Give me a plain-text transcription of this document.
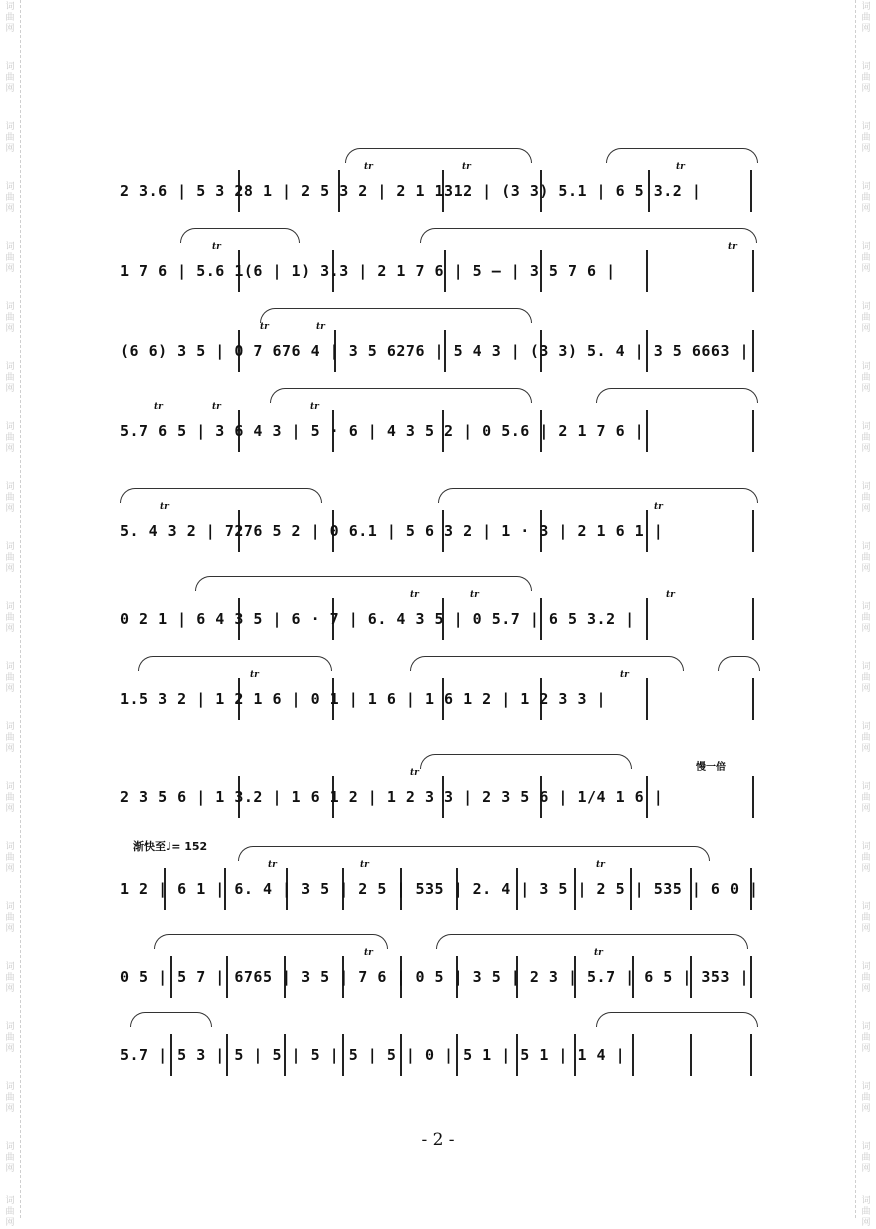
词
曲
网
词
曲
网
词
曲
网
词
曲
网
词
曲
网
词
曲
网
词
曲
网
词
曲
网
词
曲
网
词
曲
网
词
曲
网
词
曲
网
词
曲
网
词
曲
网
词
曲
网
词
曲
网
词
曲
网
词
曲
网
词
曲
网
词
曲
网
词
曲
网
词
曲
网
词
曲
网
词
曲
网
词
曲
网
词
曲
网
词
曲
网
词
曲
网
词
曲
网
词
曲
网
词
曲
网
词
曲
网
词
曲
网
词
曲
网
词
曲
网
词
曲
网
词
曲
网
词
曲
网
词
曲
网
词
曲
网
词
曲
网
词
曲
网
tr	tr	tr
2 3.6 | 5 3 28 1 | 2 5 3 2 | 2 1 1312 | (3 3) 5.1 | 6 5 3.2 |
tr	tr
1 7 6 | 5.6 1(6 | 1) 3.3 | 2 1 7 6 | 5 — | 3 5 7 6 |
tr	tr
(6 6) 3 5 | 0 7 676 4 | 3 5 6276 | 5 4 3 | (3 3) 5. 4 | 3 5 6663 |
tr	tr	tr
5.7 6 5 | 3 6 4 3 | 5 · 6 | 4 3 5 2 | 0 5.6 | 2 1 7 6 |
tr	tr
5. 4 3 2 | 7276 5 2 | 0 6.1 | 5 6 3 2 | 1 · 3 | 2 1 6 1 |
tr	tr	tr
0 2 1 | 6 4 3 5 | 6 · 7 | 6. 4 3 5 | 0 5.7 | 6 5 3.2 |
tr	tr
1.5 3 2 | 1 2 1 6 | 0 1 | 1 6 | 1 6 1 2 | 1 2 3 3 |
tr
2 3 5 6 | 1 3.2 | 1 6 1 2 | 1 2 3 3 | 2 3 5 6 | 1/4 1 6 |
慢一倍
渐快至♩= 152
tr	tr	tr
1 2 | 6 1 | 6. 4 | 3 5 | 2 5 | 535 | 2. 4 | 3 5 | 2 5 | 535 | 6 0 |
tr	tr
0 5 | 5 7 | 6765 | 3 5 | 7 6 | 0 5 | 3 5 | 2 3 | 5.7 | 6 5 | 353 |
5.7 | 5 3 | 5 | 5 | 5 | 5 | 5 | 0 | 5 1 | 5 1 | 1 4 |
- 2 -
